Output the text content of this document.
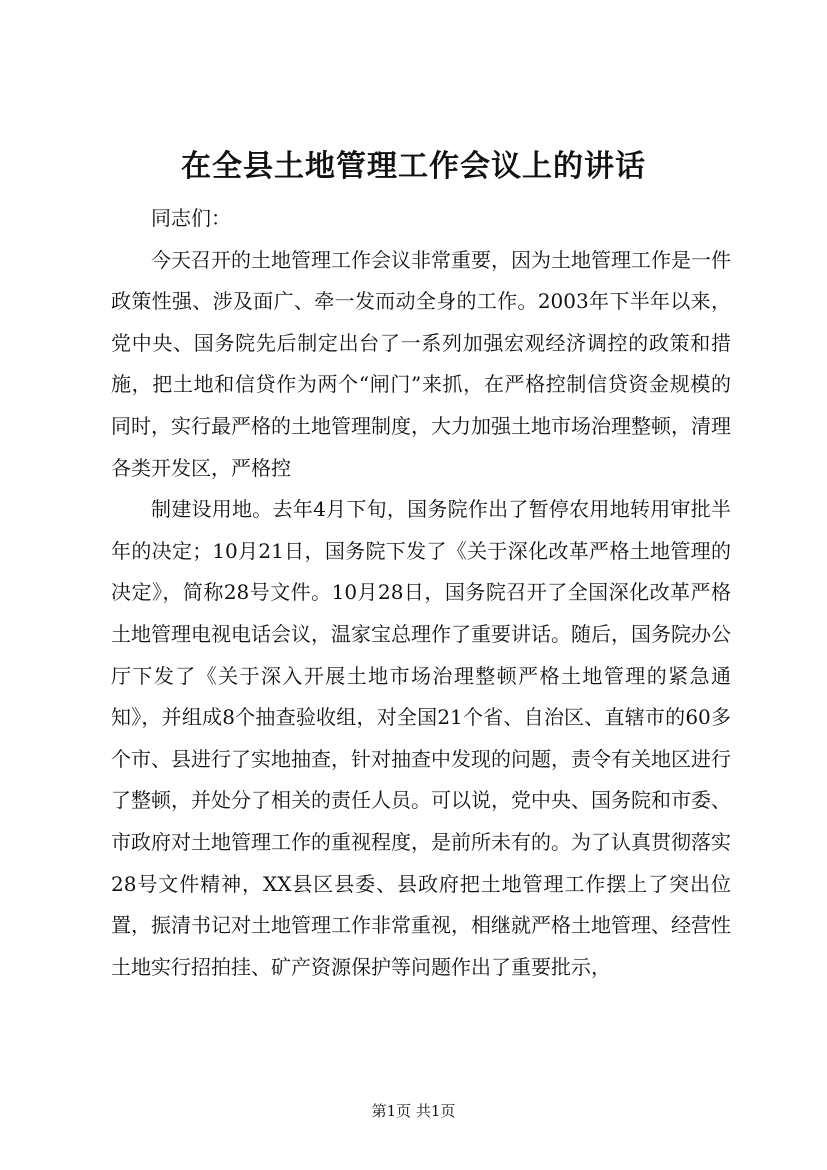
在全县土地管理工作会议上的讲话

同志们：

今天召开的土地管理工作会议非常重要，因为土地管理工作是一件政策性强、涉及面广、牵一发而动全身的工作。2003年下半年以来，党中央、国务院先后制定出台了一系列加强宏观经济调控的政策和措施，把土地和信贷作为两个“闸门”来抓，在严格控制信贷资金规模的同时，实行最严格的土地管理制度，大力加强土地市场治理整顿，清理各类开发区，严格控

制建设用地。去年4月下旬，国务院作出了暂停农用地转用审批半年的决定；10月21日，国务院下发了《关于深化改革严格土地管理的决定》，简称28号文件。10月28日，国务院召开了全国深化改革严格土地管理电视电话会议，温家宝总理作了重要讲话。随后，国务院办公厅下发了《关于深入开展土地市场治理整顿严格土地管理的紧急通知》，并组成8个抽查验收组，对全国21个省、自治区、直辖市的60多个市、县进行了实地抽查，针对抽查中发现的问题，责令有关地区进行了整顿，并处分了相关的责任人员。可以说，党中央、国务院和市委、市政府对土地管理工作的重视程度，是前所未有的。为了认真贯彻落实28号文件精神，XX县区县委、县政府把土地管理工作摆上了突出位置，振清书记对土地管理工作非常重视，相继就严格土地管理、经营性土地实行招拍挂、矿产资源保护等问题作出了重要批示，

第1页 共1页
